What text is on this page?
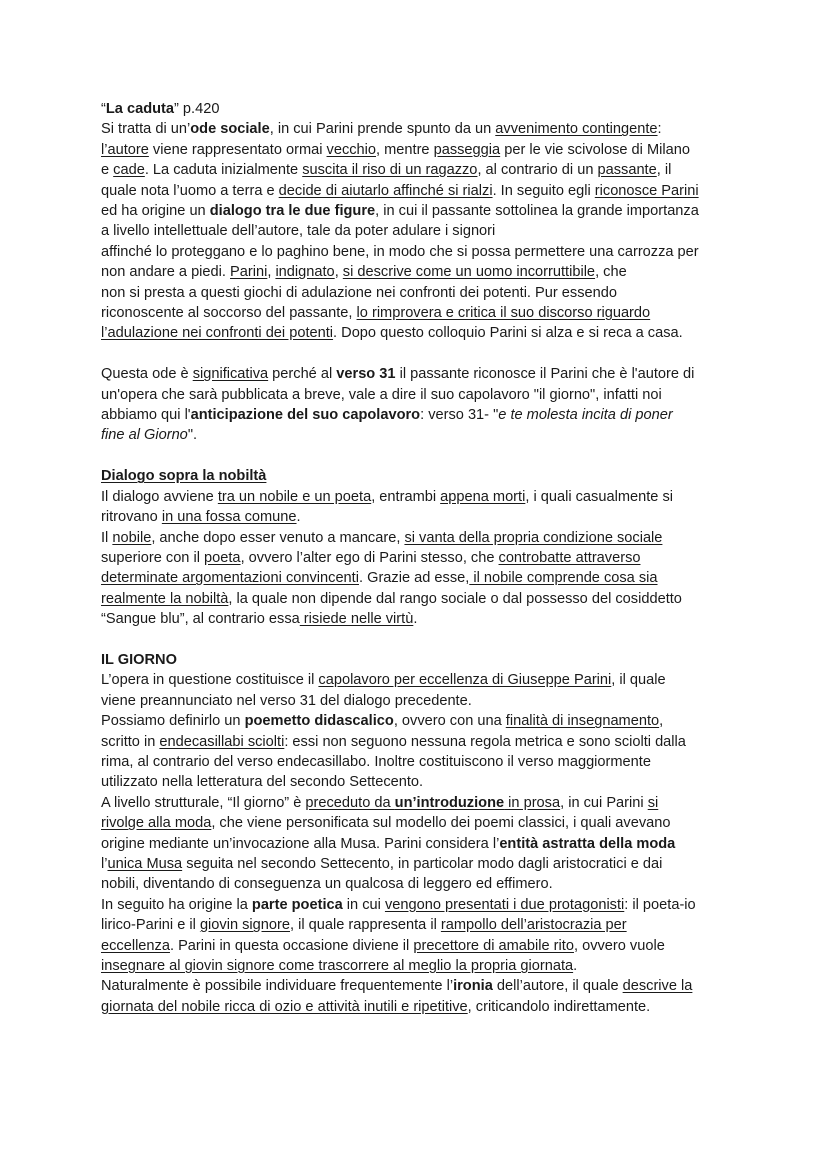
“La caduta” p.420

Si tratta di un’ode sociale, in cui Parini prende spunto da un avvenimento contingente:
l’autore viene rappresentato ormai vecchio, mentre passeggia per le vie scivolose di Milano
e cade. La caduta inizialmente suscita il riso di un ragazzo, al contrario di un passante, il
quale nota l’uomo a terra e decide di aiutarlo affinché si rialzi. In seguito egli riconosce Parini
ed ha origine un dialogo tra le due figure, in cui il passante sottolinea la grande importanza
a livello intellettuale dell’autore, tale da poter adulare i signori
affinché lo proteggano e lo paghino bene, in modo che si possa permettere una carrozza per
non andare a piedi. Parini, indignato, si descrive come un uomo incorruttibile, che
non si presta a questi giochi di adulazione nei confronti dei potenti. Pur essendo
riconoscente al soccorso del passante, lo rimprovera e critica il suo discorso riguardo
l’adulazione nei confronti dei potenti. Dopo questo colloquio Parini si alza e si reca a casa.

Questa ode è significativa perché al verso 31 il passante riconosce il Parini che è l'autore di
un'opera che sarà pubblicata a breve, vale a dire il suo capolavoro "il giorno", infatti noi
abbiamo qui l'anticipazione del suo capolavoro: verso 31- "e te molesta incita di poner
fine al Giorno".

Dialogo sopra la nobiltà

Il dialogo avviene tra un nobile e un poeta, entrambi appena morti, i quali casualmente si
ritrovano in una fossa comune.
Il nobile, anche dopo esser venuto a mancare, si vanta della propria condizione sociale
superiore con il poeta, ovvero l’alter ego di Parini stesso, che controbatte attraverso
determinate argomentazioni convincenti. Grazie ad esse, il nobile comprende cosa sia
realmente la nobiltà, la quale non dipende dal rango sociale o dal possesso del cosiddetto
“Sangue blu”, al contrario essa risiede nelle virtù.

IL GIORNO

L’opera in questione costituisce il capolavoro per eccellenza di Giuseppe Parini, il quale
viene preannunciato nel verso 31 del dialogo precedente.
Possiamo definirlo un poemetto didascalico, ovvero con una finalità di insegnamento,
scritto in endecasillabi sciolti: essi non seguono nessuna regola metrica e sono sciolti dalla
rima, al contrario del verso endecasillabo. Inoltre costituiscono il verso maggiormente
utilizzato nella letteratura del secondo Settecento.
A livello strutturale, “Il giorno” è preceduto da un’introduzione in prosa, in cui Parini si
rivolge alla moda, che viene personificata sul modello dei poemi classici, i quali avevano
origine mediante un’invocazione alla Musa. Parini considera l’entità astratta della moda
l’unica Musa seguita nel secondo Settecento, in particolar modo dagli aristocratici e dai
nobili, diventando di conseguenza un qualcosa di leggero ed effimero.
In seguito ha origine la parte poetica in cui vengono presentati i due protagonisti: il poeta-io
lirico-Parini e il giovin signore, il quale rappresenta il rampollo dell’aristocrazia per
eccellenza. Parini in questa occasione diviene il precettore di amabile rito, ovvero vuole
insegnare al giovin signore come trascorrere al meglio la propria giornata.
Naturalmente è possibile individuare frequentemente l’ironia dell’autore, il quale descrive la
giornata del nobile ricca di ozio e attività inutili e ripetitive, criticandolo indirettamente.
